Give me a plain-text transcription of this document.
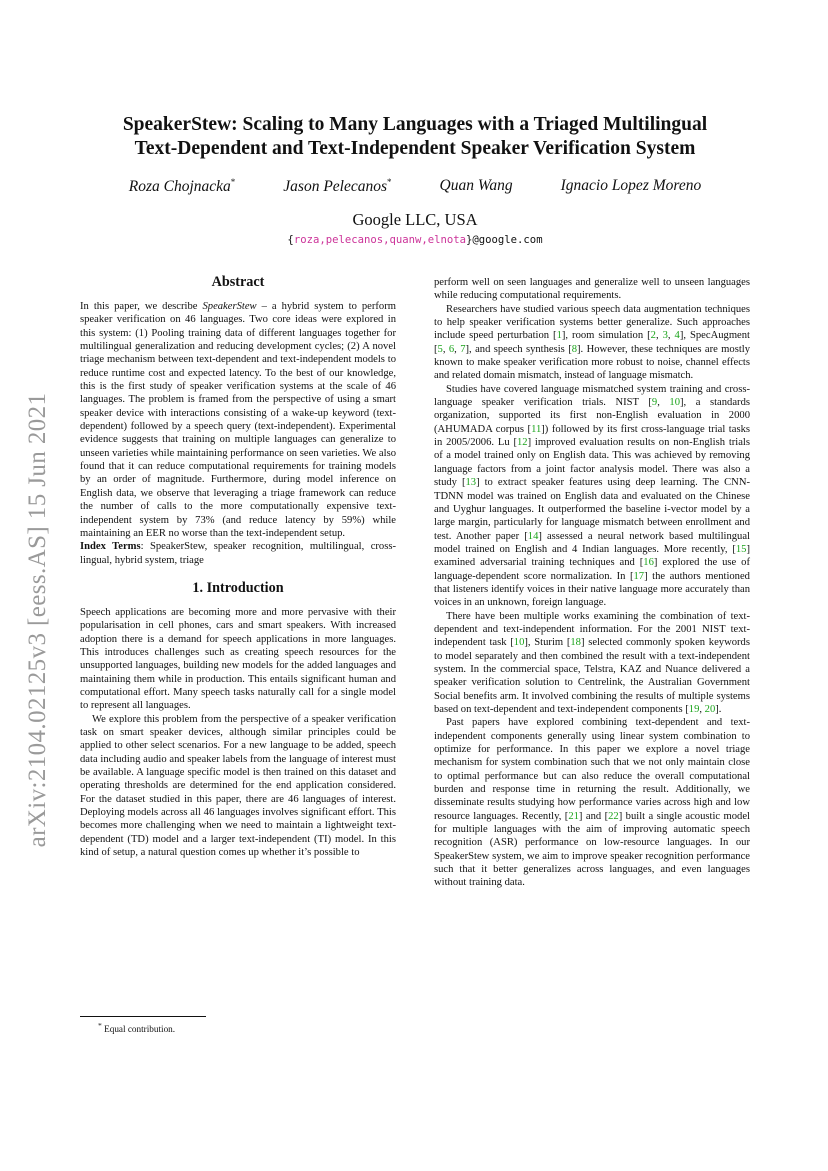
arXiv:2104.02125v3 [eess.AS] 15 Jun 2021
SpeakerStew: Scaling to Many Languages with a Triaged Multilingual
Text-Dependent and Text-Independent Speaker Verification System
Roza Chojnacka*	Jason Pelecanos*	Quan Wang	Ignacio Lopez Moreno
Google LLC, USA
{roza,pelecanos,quanw,elnota}@google.com
Abstract

In this paper, we describe SpeakerStew – a hybrid system to perform speaker verification on 46 languages. Two core ideas were explored in this system: (1) Pooling training data of different languages together for multilingual generalization and reducing development cycles; (2) A novel triage mechanism between text-dependent and text-independent models to reduce runtime cost and expected latency. To the best of our knowledge, this is the first study of speaker verification systems at the scale of 46 languages. The problem is framed from the perspective of using a smart speaker device with interactions consisting of a wake-up keyword (text-dependent) followed by a speech query (text-independent). Experimental evidence suggests that training on multiple languages can generalize to unseen varieties while maintaining performance on seen varieties. We also found that it can reduce computational requirements for training models by an order of magnitude. Furthermore, during model inference on English data, we observe that leveraging a triage framework can reduce the number of calls to the more computationally expensive text-independent system by 73% (and reduce latency by 59%) while maintaining an EER no worse than the text-independent setup.

Index Terms: SpeakerStew, speaker recognition, multilingual, cross-lingual, hybrid system, triage

1. Introduction

Speech applications are becoming more and more pervasive with their popularisation in cell phones, cars and smart speakers. With increased adoption there is a demand for speech applications in more languages. This introduces challenges such as creating speech resources for the unsupported languages, building new models for the added languages and maintaining them while in production. This entails significant human and computational effort. Many speech tasks naturally call for a single model to represent all languages.

We explore this problem from the perspective of a speaker verification task on smart speaker devices, although similar principles could be applied to other select scenarios. For a new language to be added, speech data including audio and speaker labels from the language of interest must be available. A language specific model is then trained on this dataset and operating thresholds are determined for the end application considered. For the dataset studied in this paper, there are 46 languages of interest. Deploying models across all 46 languages involves significant effort. This becomes more challenging when we need to maintain a lightweight text-dependent (TD) model and a larger text-independent (TI) model. In this kind of setup, a natural question comes up whether it’s possible to

perform well on seen languages and generalize well to unseen languages while reducing computational requirements.

Researchers have studied various speech data augmentation techniques to help speaker verification systems better generalize. Such approaches include speed perturbation [1], room simulation [2, 3, 4], SpecAugment [5, 6, 7], and speech synthesis [8]. However, these techniques are mostly known to make speaker verification more robust to noise, channel effects and related domain mismatch, instead of language mismatch.

Studies have covered language mismatched system training and cross-language speaker verification trials. NIST [9, 10], a standards organization, supported its first non-English evaluation in 2000 (AHUMADA corpus [11]) followed by its first cross-language trial tasks in 2005/2006. Lu [12] improved evaluation results on non-English trials of a model trained only on English data. This was achieved by removing language factors from a joint factor analysis model. There was also a study [13] to extract speaker features using deep learning. The CNN-TDNN model was trained on English data and evaluated on the Chinese and Uyghur languages. It outperformed the baseline i-vector model by a large margin, particularly for language mismatch between enrollment and test. Another paper [14] assessed a neural network based multilingual model trained on English and 4 Indian languages. More recently, [15] examined adversarial training techniques and [16] explored the use of language-dependent score normalization. In [17] the authors mentioned that listeners identify voices in their native language more accurately than voices in an unknown, foreign language.

There have been multiple works examining the combination of text-dependent and text-independent information. For the 2001 NIST text-independent task [10], Sturim [18] selected commonly spoken keywords to model separately and then combined the result with a text-independent system. In the commercial space, Telstra, KAZ and Nuance delivered a speaker verification solution to Centrelink, the Australian Government Social benefits arm. It involved combining the results of multiple systems based on text-dependent and text-independent components [19, 20].

Past papers have explored combining text-dependent and text-independent components generally using linear system combination to optimize for performance. In this paper we explore a novel triage mechanism for system combination such that we not only maintain close to optimal performance but can also reduce the overall computational burden and response time in returning the result. Additionally, we disseminate results studying how performance varies across high and low resource languages. Recently, [21] and [22] built a single acoustic model for multiple languages with the aim of improving automatic speech recognition (ASR) performance on low-resource languages. In our SpeakerStew system, we aim to improve speaker recognition performance such that it better generalizes across languages, and even languages without training data.

* Equal contribution.
